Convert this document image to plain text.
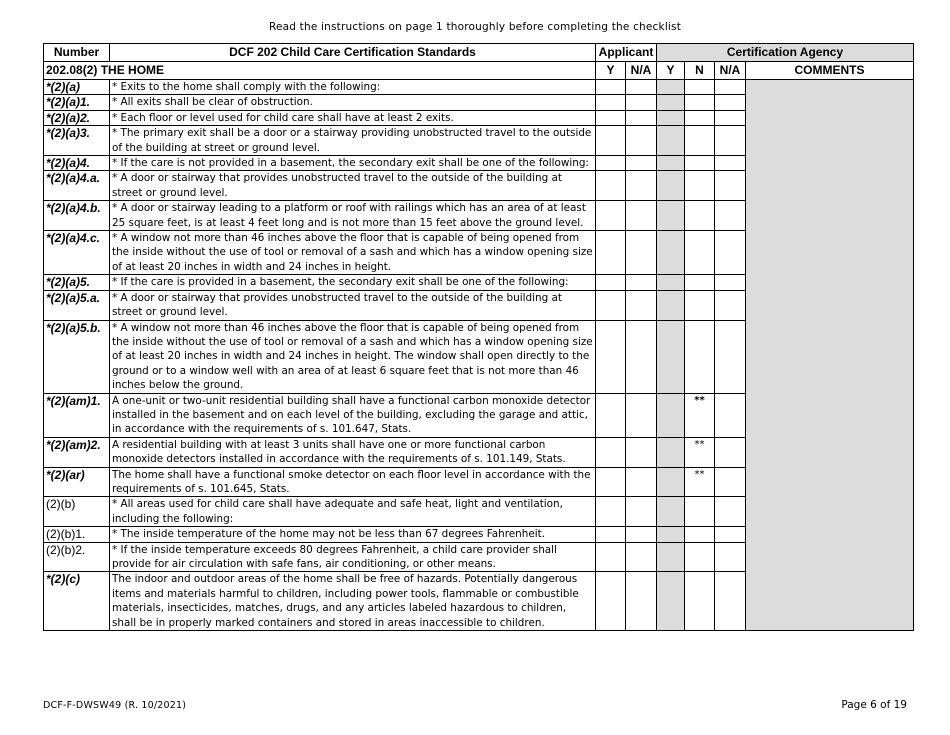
Read the instructions on page 1 thoroughly before completing the checklist
Number	DCF 202 Child Care Certification Standards	Applicant		Certification Agency			
202.08(2) THE HOME		Y	N/A	Y	N	N/A	COMMENTS
*(2)(a)	* Exits to the home shall comply with the following:						
*(2)(a)1.	* All exits shall be clear of obstruction.						
*(2)(a)2.	* Each floor or level used for child care shall have at least 2 exits.						
*(2)(a)3.	* The primary exit shall be a door or a stairway providing unobstructed travel to the outside of the building at street or ground level.						
*(2)(a)4.	* If the care is not provided in a basement, the secondary exit shall be one of the following:						
*(2)(a)4.a.	* A door or stairway that provides unobstructed travel to the outside of the building at street or ground level.						
*(2)(a)4.b.	* A door or stairway leading to a platform or roof with railings which has an area of at least 25 square feet, is at least 4 feet long and is not more than 15 feet above the ground level.						
*(2)(a)4.c.	* A window not more than 46 inches above the floor that is capable of being opened from the inside without the use of tool or removal of a sash and which has a window opening size of at least 20 inches in width and 24 inches in height.						
*(2)(a)5.	* If the care is provided in a basement, the secondary exit shall be one of the following:						
*(2)(a)5.a.	* A door or stairway that provides unobstructed travel to the outside of the building at street or ground level.						
*(2)(a)5.b.	* A window not more than 46 inches above the floor that is capable of being opened from the inside without the use of tool or removal of a sash and which has a window opening size of at least 20 inches in width and 24 inches in height. The window shall open directly to the ground or to a window well with an area of at least 6 square feet that is not more than 46 inches below the ground.						
*(2)(am)1.	A one-unit or two-unit residential building shall have a functional carbon monoxide detector installed in the basement and on each level of the building, excluding the garage and attic, in accordance with the requirements of s. 101.647, Stats.				**		
*(2)(am)2.	A residential building with at least 3 units shall have one or more functional carbon monoxide detectors installed in accordance with the requirements of s. 101.149, Stats.				**		
*(2)(ar)	The home shall have a functional smoke detector on each floor level in accordance with the requirements of s. 101.645, Stats.				**		
(2)(b)	* All areas used for child care shall have adequate and safe heat, light and ventilation, including the following:						
(2)(b)1.	* The inside temperature of the home may not be less than 67 degrees Fahrenheit.						
(2)(b)2.	* If the inside temperature exceeds 80 degrees Fahrenheit, a child care provider shall provide for air circulation with safe fans, air conditioning, or other means.						
*(2)(c)	The indoor and outdoor areas of the home shall be free of hazards. Potentially dangerous items and materials harmful to children, including power tools, flammable or combustible materials, insecticides, matches, drugs, and any articles labeled hazardous to children, shall be in properly marked containers and stored in areas inaccessible to children.						
DCF-F-DWSW49 (R. 10/2021)	Page 6 of 19
